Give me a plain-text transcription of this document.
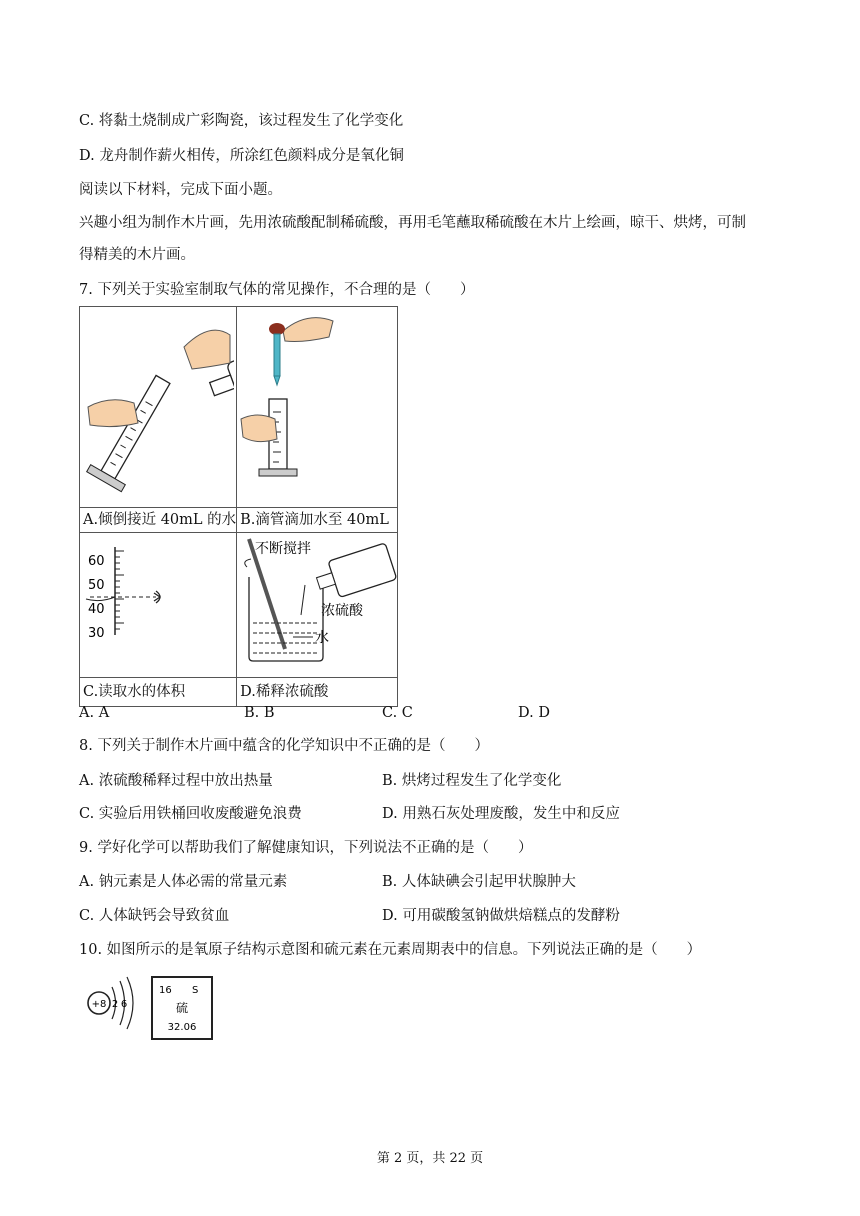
C. 将黏土烧制成广彩陶瓷，该过程发生了化学变化
D. 龙舟制作薪火相传，所涂红色颜料成分是氧化铜
阅读以下材料，完成下面小题。
兴趣小组为制作木片画，先用浓硫酸配制稀硫酸，再用毛笔蘸取稀硫酸在木片上绘画，晾干、烘烤，可制
得精美的木片画。
7. 下列关于实验室制取气体的常见操作，不合理的是（　　）

A.倾倒接近 40mL 的水	B.滴管滴加水至 40mL

60
50
40
30	不断搅拌
浓硫酸
水

C.读取水的体积	D.稀释浓硫酸
A. A	B. B	C. C	D. D
8. 下列关于制作木片画中蕴含的化学知识中不正确的是（　　）
A. 浓硫酸稀释过程中放出热量	B. 烘烤过程发生了化学变化
C. 实验后用铁桶回收废酸避免浪费	D. 用熟石灰处理废酸，发生中和反应
9. 学好化学可以帮助我们了解健康知识，下列说法不正确的是（　　）
A. 钠元素是人体必需的常量元素	B. 人体缺碘会引起甲状腺肿大
C. 人体缺钙会导致贫血	D. 可用碳酸氢钠做烘焙糕点的发酵粉
10. 如图所示的是氧原子结构示意图和硫元素在元素周期表中的信息。下列说法正确的是（　　）
+8 2 6
16 S
硫
32.06
第 2 页，共 22 页
